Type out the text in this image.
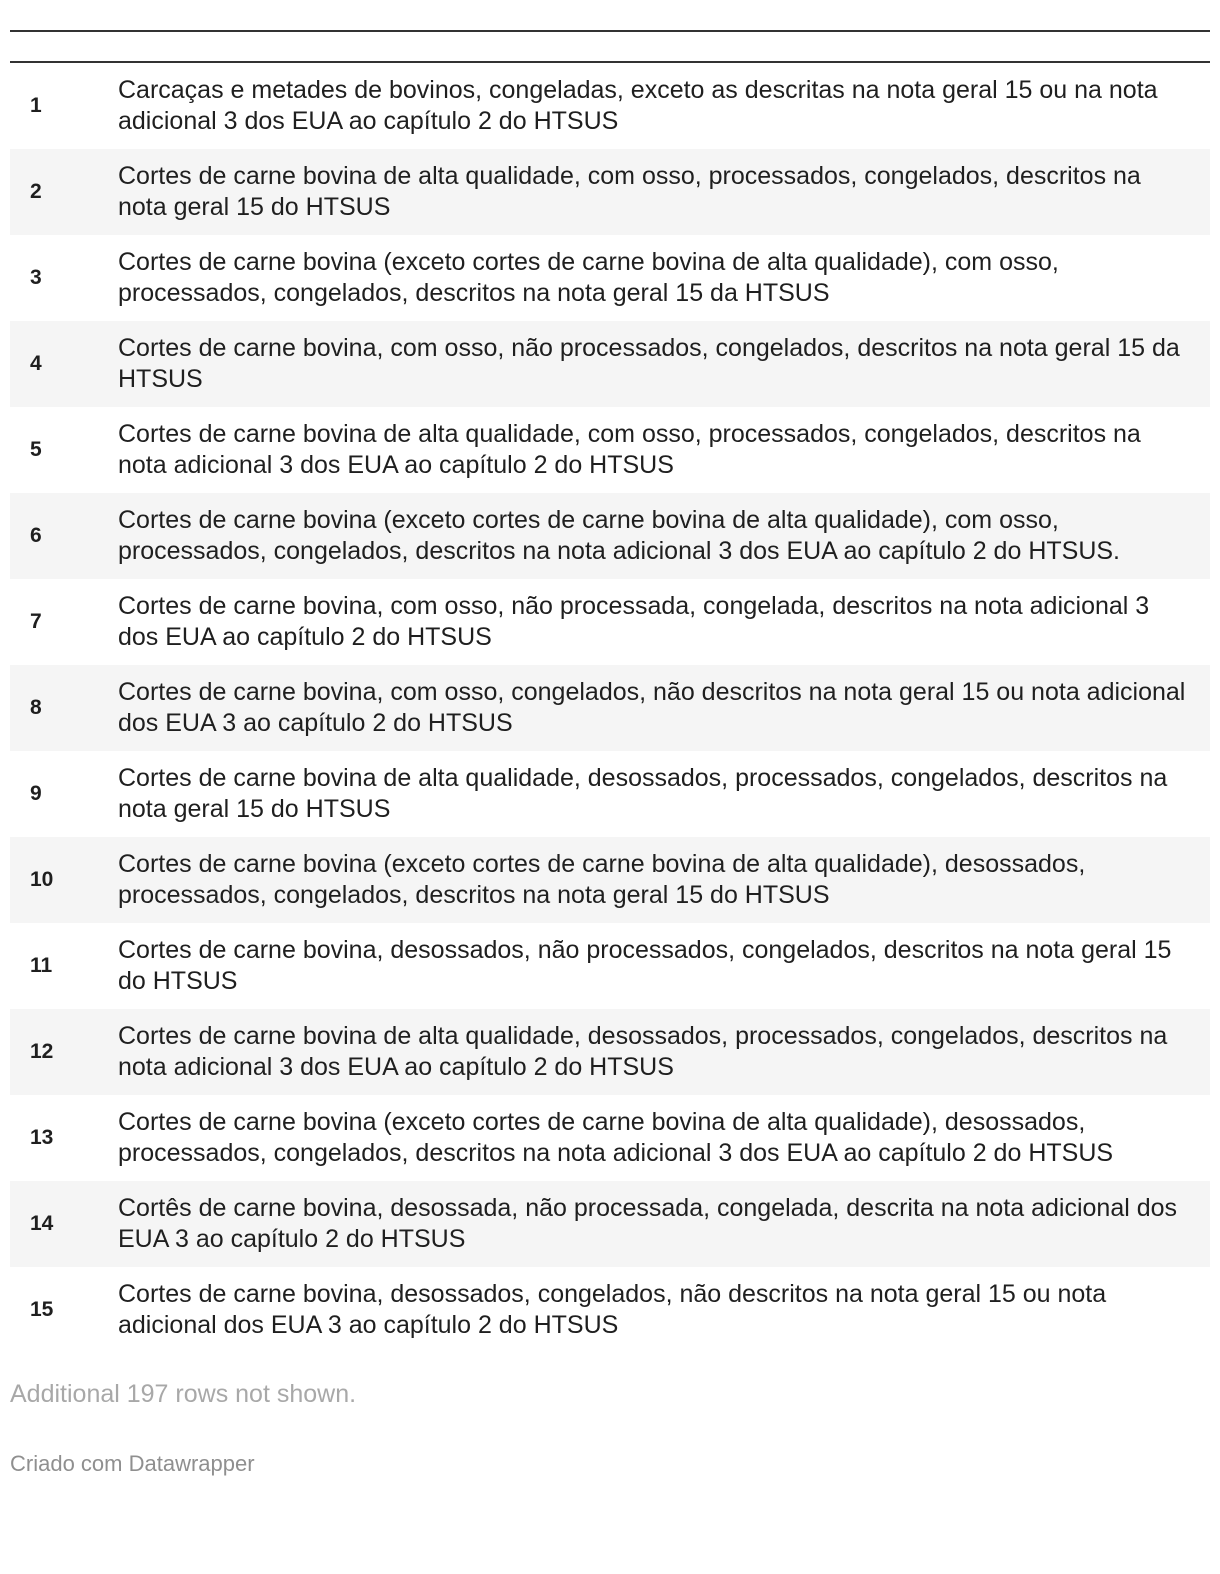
1
Carcaças e metades de bovinos, congeladas, exceto as descritas na nota geral 15 ou na nota adicional 3 dos EUA ao capítulo 2 do HTSUS
2
Cortes de carne bovina de alta qualidade, com osso, processados, congelados, descritos na nota geral 15 do HTSUS
3
Cortes de carne bovina (exceto cortes de carne bovina de alta qualidade), com osso, processados, congelados, descritos na nota geral 15 da HTSUS
4
Cortes de carne bovina, com osso, não processados, congelados, descritos na nota geral 15 da HTSUS
5
Cortes de carne bovina de alta qualidade, com osso, processados, congelados, descritos na nota adicional 3 dos EUA ao capítulo 2 do HTSUS
6
Cortes de carne bovina (exceto cortes de carne bovina de alta qualidade), com osso, processados, congelados, descritos na nota adicional 3 dos EUA ao capítulo 2 do HTSUS.
7
Cortes de carne bovina, com osso, não processada, congelada, descritos na nota adicional 3 dos EUA ao capítulo 2 do HTSUS
8
Cortes de carne bovina, com osso, congelados, não descritos na nota geral 15 ou nota adicional dos EUA 3 ao capítulo 2 do HTSUS
9
Cortes de carne bovina de alta qualidade, desossados, processados, congelados, descritos na nota geral 15 do HTSUS
10
Cortes de carne bovina (exceto cortes de carne bovina de alta qualidade), desossados, processados, congelados, descritos na nota geral 15 do HTSUS
11
Cortes de carne bovina, desossados, não processados, congelados, descritos na nota geral 15 do HTSUS
12
Cortes de carne bovina de alta qualidade, desossados, processados, congelados, descritos na nota adicional 3 dos EUA ao capítulo 2 do HTSUS
13
Cortes de carne bovina (exceto cortes de carne bovina de alta qualidade), desossados, processados, congelados, descritos na nota adicional 3 dos EUA ao capítulo 2 do HTSUS
14
Cortês de carne bovina, desossada, não processada, congelada, descrita na nota adicional dos EUA 3 ao capítulo 2 do HTSUS
15
Cortes de carne bovina, desossados, congelados, não descritos na nota geral 15 ou nota adicional dos EUA 3 ao capítulo 2 do HTSUS
Additional 197 rows not shown.
Criado com Datawrapper
